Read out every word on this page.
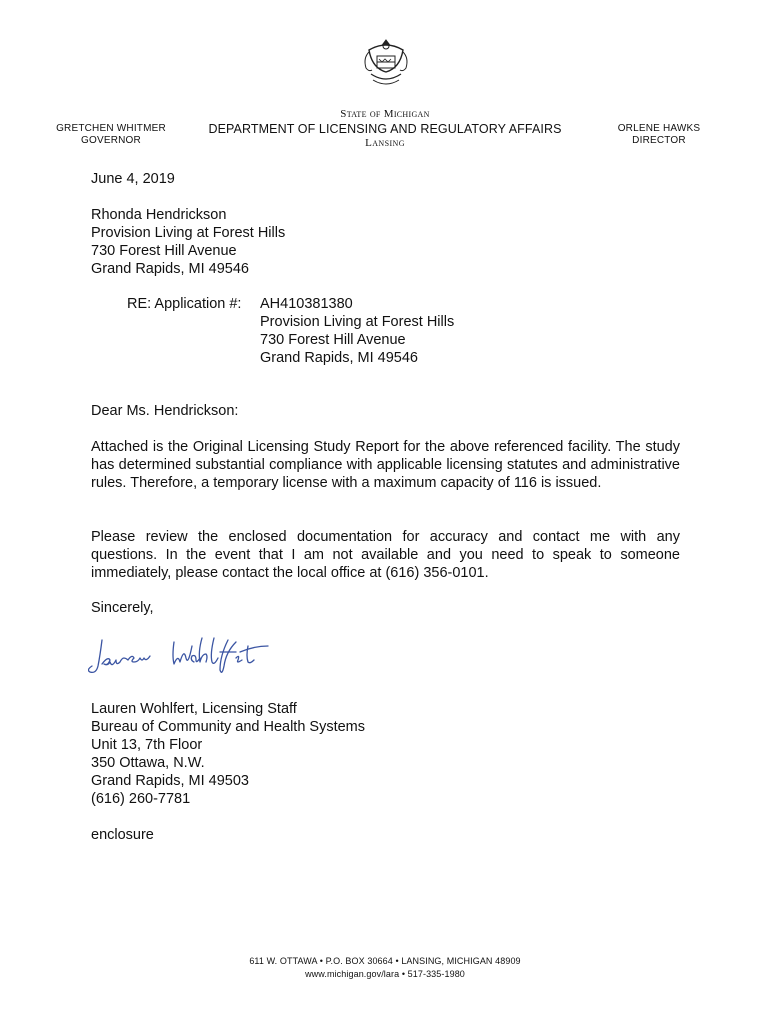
GRETCHEN WHITMER
GOVERNOR
State of Michigan
DEPARTMENT OF LICENSING AND REGULATORY AFFAIRS
Lansing
ORLENE HAWKS
DIRECTOR
June 4, 2019
Rhonda Hendrickson
Provision Living at Forest Hills
730 Forest Hill Avenue
Grand Rapids, MI 49546
RE: Application #: AH410381380
Provision Living at Forest Hills
730 Forest Hill Avenue
Grand Rapids, MI 49546
Dear Ms. Hendrickson:
Attached is the Original Licensing Study Report for the above referenced facility. The study has determined substantial compliance with applicable licensing statutes and administrative rules. Therefore, a temporary license with a maximum capacity of 116 is issued.
Please review the enclosed documentation for accuracy and contact me with any questions. In the event that I am not available and you need to speak to someone immediately, please contact the local office at (616) 356-0101.
Sincerely,
Lauren Wohlfert, Licensing Staff
Bureau of Community and Health Systems
Unit 13, 7th Floor
350 Ottawa, N.W.
Grand Rapids, MI 49503
(616) 260-7781
enclosure
611 W. OTTAWA • P.O. BOX 30664 • LANSING, MICHIGAN 48909
www.michigan.gov/lara • 517-335-1980
